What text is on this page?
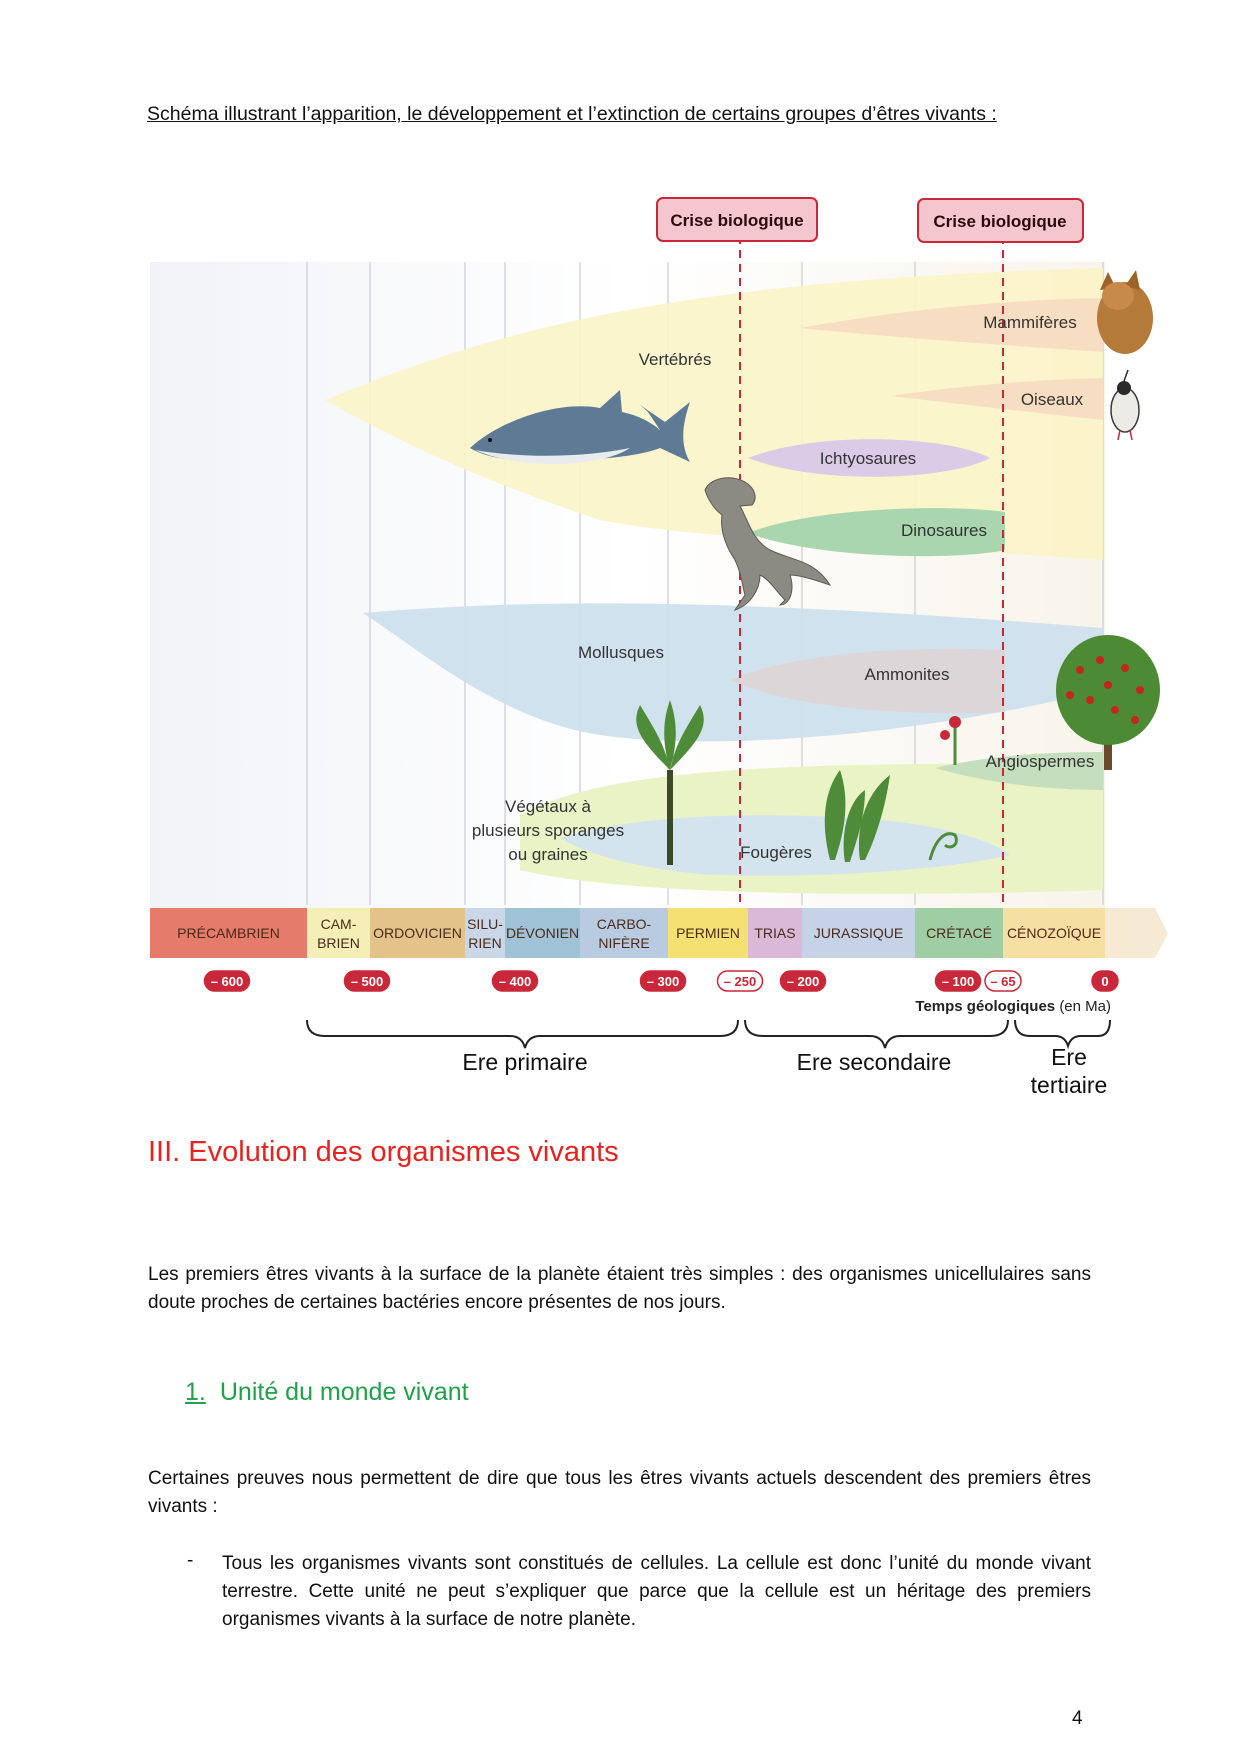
Schéma illustrant l’apparition, le développement et l’extinction de certains groupes d’êtres vivants :
Crise biologique	Crise biologique
Vertébrés
Mammifères
Oiseaux
Ichtyosaures
Dinosaures
Mollusques
Ammonites
Angiospermes
Fougères
Végétaux à
plusieurs sporanges
ou graines
PRÉCAMBRIEN
CAM-
BRIEN
ORDOVICIEN
SILU-
RIEN
DÉVONIEN
CARBO-
NIFÈRE
PERMIEN TRIAS JURASSIQUE CRÉTACÉ CÉNOZOÏQUE
– 600	– 500	– 400	– 300	– 250 – 200	– 100 – 65	0
Temps géologiques (en Ma)
Ere primaire	Ere secondaire	Ere
tertiaire
III. Evolution des organismes vivants
Les premiers êtres vivants à la surface de la planète étaient très simples : des organismes unicellulaires sans doute proches de certaines bactéries encore présentes de nos jours.
1. Unité du monde vivant
Certaines preuves nous permettent de dire que tous les êtres vivants actuels descendent des premiers êtres vivants :
- Tous les organismes vivants sont constitués de cellules. La cellule est donc l’unité du monde vivant terrestre. Cette unité ne peut s’expliquer que parce que la cellule est un héritage des premiers organismes vivants à la surface de notre planète.
4
